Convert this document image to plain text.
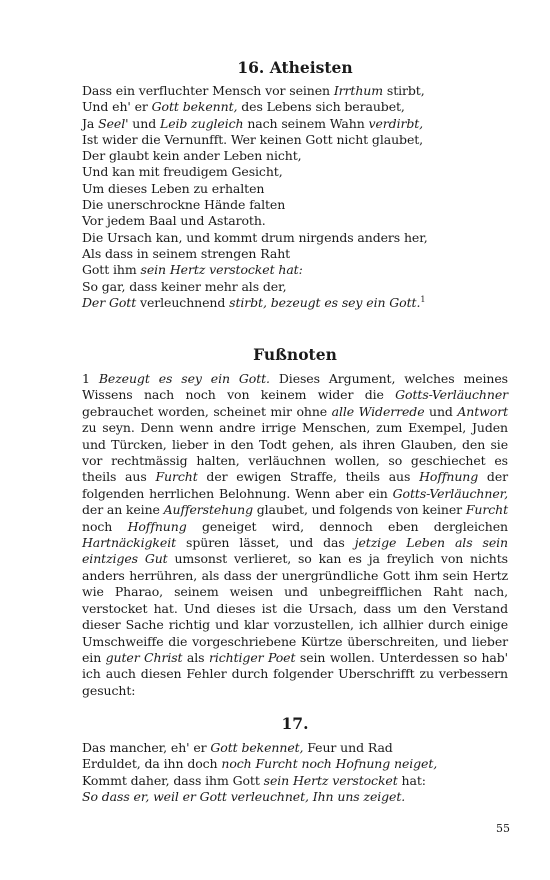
16. Atheisten
Dass ein verfluchter Mensch vor seinen Irrthum stirbt,
Und eh' er Gott bekennt, des Lebens sich beraubet,
Ja Seel' und Leib zugleich nach seinem Wahn verdirbt,
Ist wider die Vernunfft. Wer keinen Gott nicht glaubet,
Der glaubt kein ander Leben nicht,
Und kan mit freudigem Gesicht,
Um dieses Leben zu erhalten
Die unerschrockne Hände falten
Vor jedem Baal und Astaroth.
Die Ursach kan, und kommt drum nirgends anders her,
Als dass in seinem strengen Raht
Gott ihm sein Hertz verstocket hat:
So gar, dass keiner mehr als der,
Der Gott verleuchnend stirbt, bezeugt es sey ein Gott.$^1$
Fußnoten

1 Bezeugt es sey ein Gott. Dieses Argument, welches meines Wissens nach noch von keinem wider die Gotts-Verläuchner gebrauchet worden, scheinet mir ohne alle Widerrede und Antwort zu seyn. Denn wenn andre irrige Menschen, zum Exempel, Juden und Türcken, lieber in den Todt gehen, als ihren Glauben, den sie vor rechtmässig halten, verläuchnen wollen, so geschiechet es theils aus Furcht der ewigen Straffe, theils aus Hoffnung der folgenden herrlichen Belohnung. Wenn aber ein Gotts-Verläuchner, der an keine Aufferstehung glaubet, und folgends von keiner Furcht noch Hoffnung geneiget wird, dennoch eben dergleichen Hartnäckigkeit spüren lässet, und das jetzige Leben als sein eintziges Gut umsonst verlieret, so kan es ja freylich von nichts anders herrühren, als dass der unergründliche Gott ihm sein Hertz wie Pharao, seinem weisen und unbegreifflichen Raht nach, verstocket hat. Und dieses ist die Ursach, dass um den Verstand dieser Sache richtig und klar vorzustellen, ich allhier durch einige Umschweiffe die vorgeschriebene Kürtze überschreiten, und lieber ein guter Christ als richtiger Poet sein wollen. Unterdessen so hab' ich auch diesen Fehler durch folgender Uberschrifft zu verbessern gesucht:

17.
Das mancher, eh' er Gott bekennet, Feur und Rad
Erduldet, da ihn doch noch Furcht noch Hofnung neiget,
Kommt daher, dass ihm Gott sein Hertz verstocket hat:
So dass er, weil er Gott verleuchnet, Ihn uns zeiget.
55
